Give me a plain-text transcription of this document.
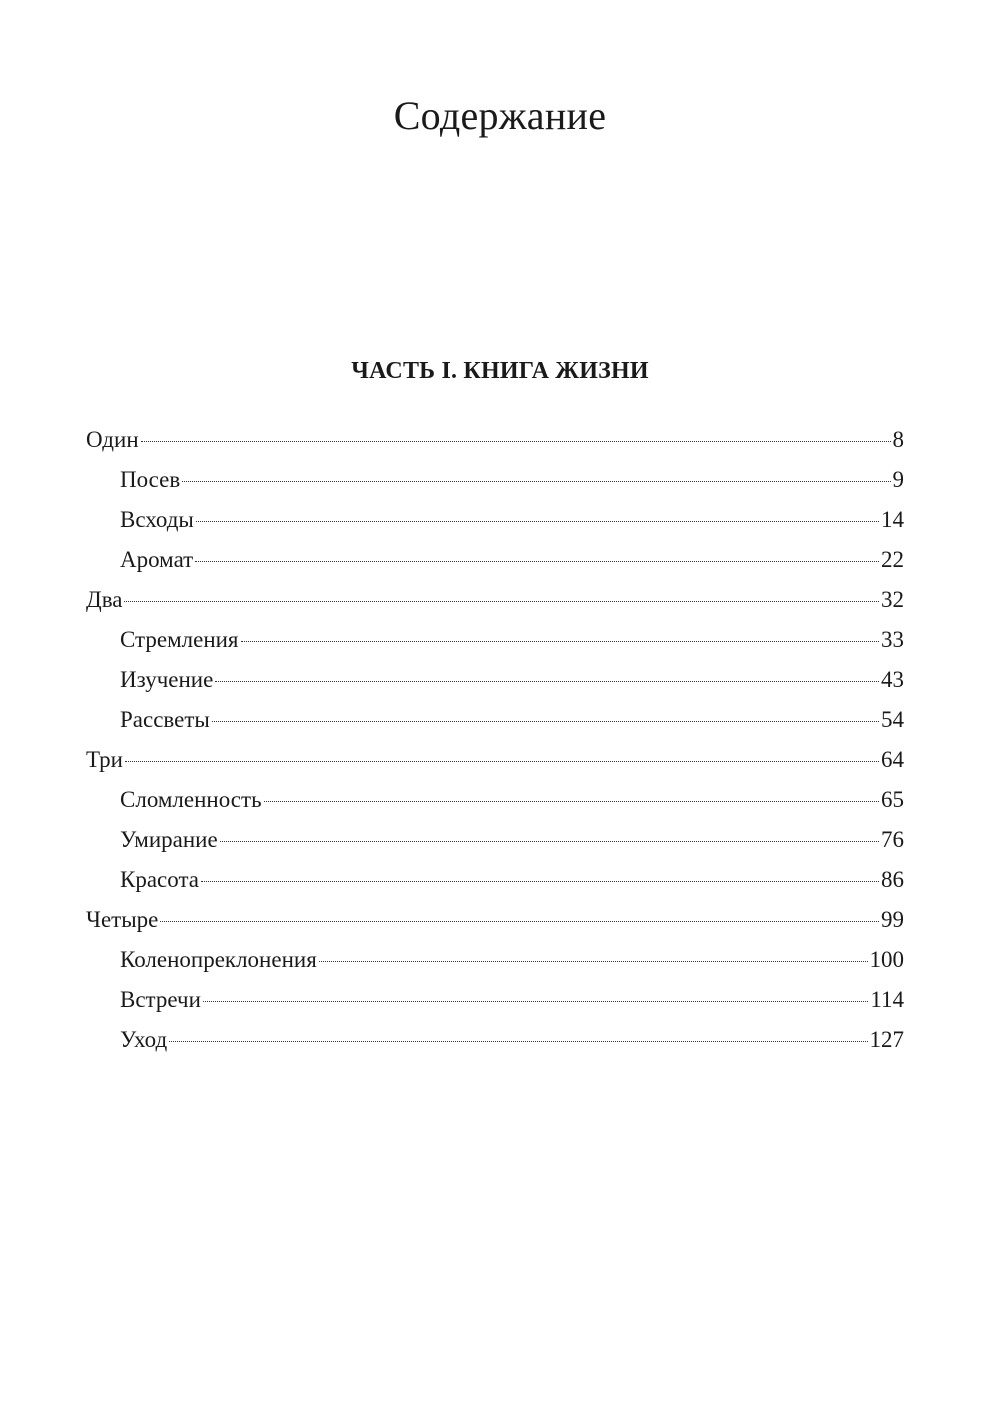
Содержание
ЧАСТЬ I. КНИГА ЖИЗНИ
Один	8
Посев	9
Всходы	14
Аромат	22
Два	32
Стремления	33
Изучение	43
Рассветы	54
Три	64
Сломленность	65
Умирание	76
Красота	86
Четыре	99
Коленопреклонения	100
Встречи	114
Уход	127
